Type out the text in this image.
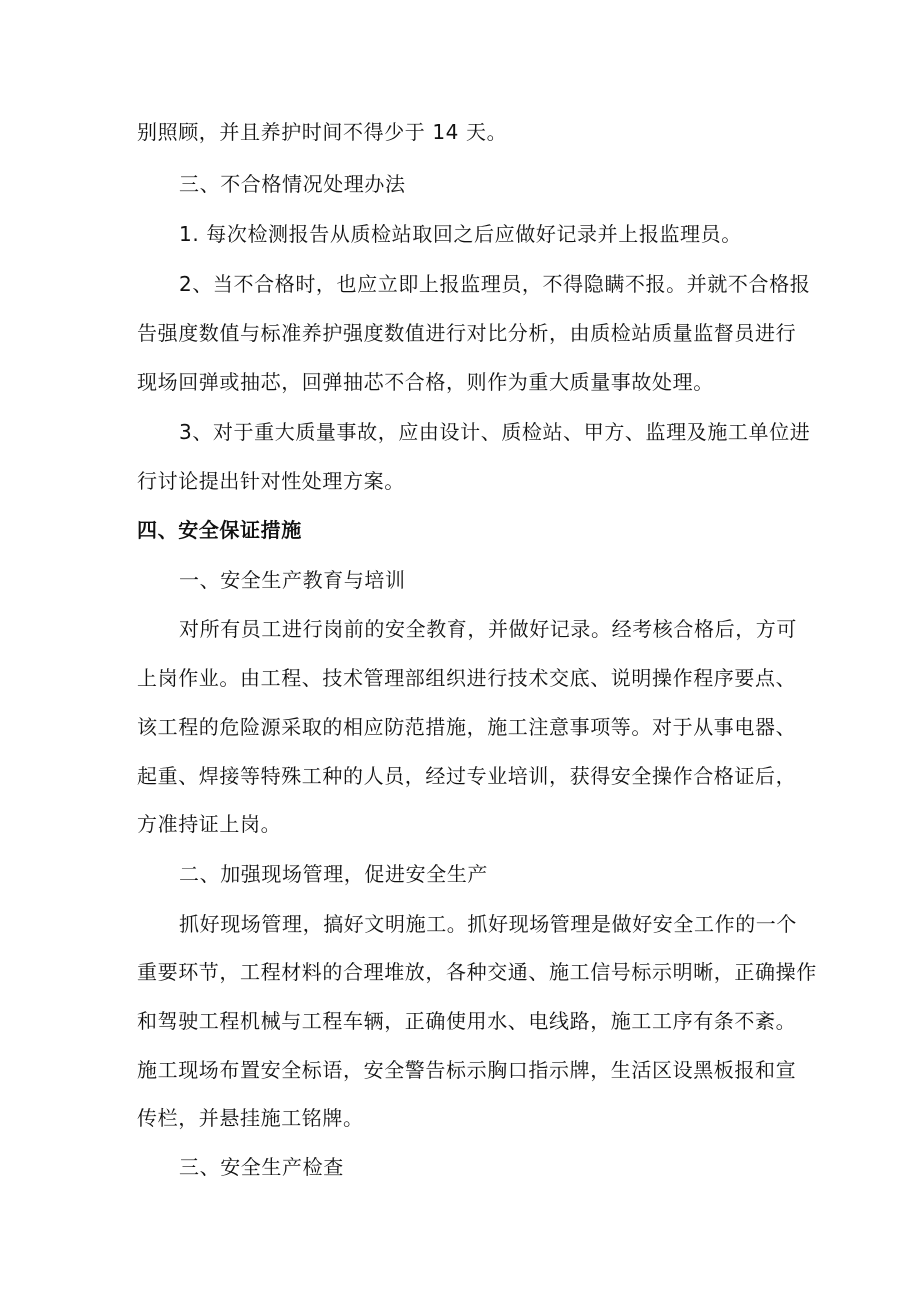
别照顾，并且养护时间不得少于 14 天。
三、不合格情况处理办法
1. 每次检测报告从质检站取回之后应做好记录并上报监理员。
2、当不合格时，也应立即上报监理员，不得隐瞒不报。并就不合格报
告强度数值与标准养护强度数值进行对比分析，由质检站质量监督员进行
现场回弹或抽芯，回弹抽芯不合格，则作为重大质量事故处理。
3、对于重大质量事故，应由设计、质检站、甲方、监理及施工单位进
行讨论提出针对性处理方案。
四、安全保证措施
一、安全生产教育与培训
对所有员工进行岗前的安全教育，并做好记录。经考核合格后，方可
上岗作业。由工程、技术管理部组织进行技术交底、说明操作程序要点、
该工程的危险源采取的相应防范措施，施工注意事项等。对于从事电器、
起重、焊接等特殊工种的人员，经过专业培训，获得安全操作合格证后，
方准持证上岗。
二、加强现场管理，促进安全生产
抓好现场管理，搞好文明施工。抓好现场管理是做好安全工作的一个
重要环节，工程材料的合理堆放，各种交通、施工信号标示明晰，正确操作
和驾驶工程机械与工程车辆，正确使用水、电线路，施工工序有条不紊。
施工现场布置安全标语，安全警告标示胸口指示牌，生活区设黑板报和宣
传栏，并悬挂施工铭牌。
三、安全生产检查
